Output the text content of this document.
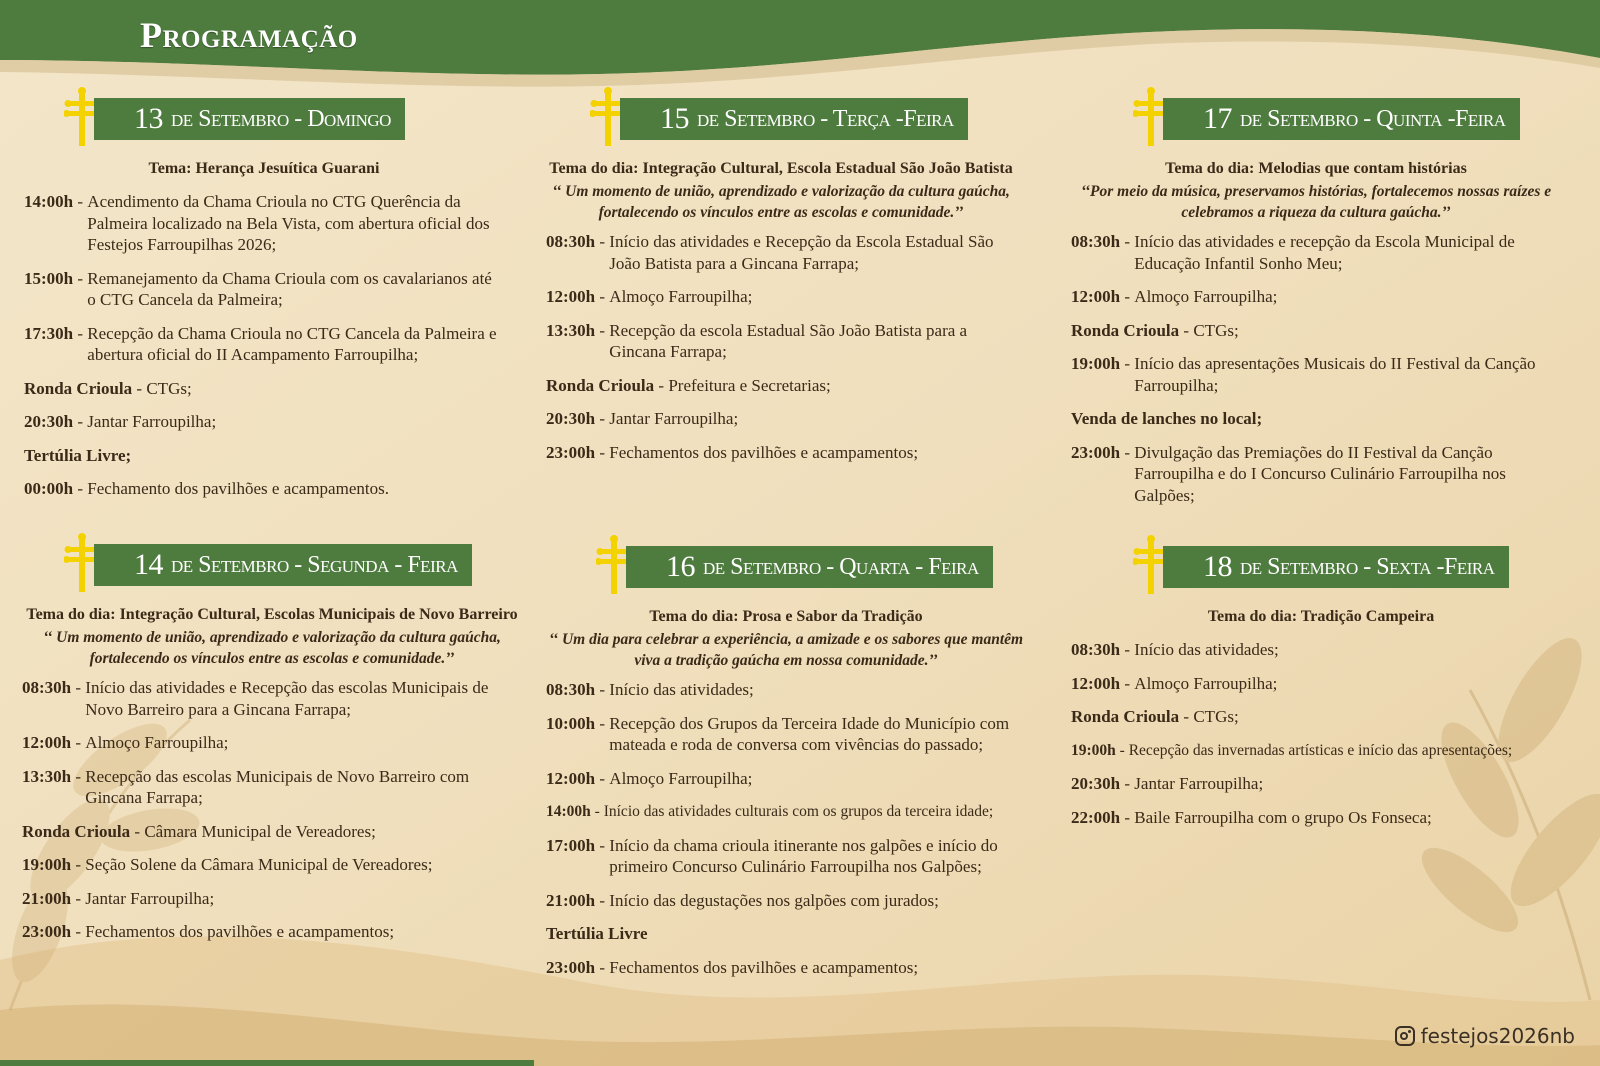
Programação
13 de Setembro - Domingo
Tema: Herança Jesuítica Guarani
14:00h - Acendimento da Chama Crioula no CTG Querência da Palmeira localizado na Bela Vista, com abertura oficial dos Festejos Farroupilhas 2026;
15:00h - Remanejamento da Chama Crioula com os cavalarianos até o CTG Cancela da Palmeira;
17:30h - Recepção da Chama Crioula no CTG Cancela da Palmeira e abertura oficial do II Acampamento Farroupilha;
Ronda Crioula - CTGs;
20:30h - Jantar Farroupilha;
Tertúlia Livre;
00:00h - Fechamento dos pavilhões e acampamentos.
14 de Setembro - Segunda - Feira
Tema do dia: Integração Cultural, Escolas Municipais de Novo Barreiro
‘‘ Um momento de união, aprendizado e valorização da cultura gaúcha, fortalecendo os vínculos entre as escolas e comunidade.’’
08:30h - Início das atividades e Recepção das escolas Municipais de Novo Barreiro para a Gincana Farrapa;
12:00h - Almoço Farroupilha;
13:30h - Recepção das escolas Municipais de Novo Barreiro com Gincana Farrapa;
Ronda Crioula - Câmara Municipal de Vereadores;
19:00h - Seção Solene da Câmara Municipal de Vereadores;
21:00h - Jantar Farroupilha;
23:00h - Fechamentos dos pavilhões e acampamentos;
15 de Setembro - Terça -Feira
Tema do dia: Integração Cultural, Escola Estadual São João Batista
‘‘ Um momento de união, aprendizado e valorização da cultura gaúcha, fortalecendo os vínculos entre as escolas e comunidade.’’
08:30h - Início das atividades e Recepção da Escola Estadual São João Batista para a Gincana Farrapa;
12:00h - Almoço Farroupilha;
13:30h - Recepção da escola Estadual São João Batista para a Gincana Farrapa;
Ronda Crioula - Prefeitura e Secretarias;
20:30h - Jantar Farroupilha;
23:00h - Fechamentos dos pavilhões e acampamentos;
16 de Setembro - Quarta - Feira
Tema do dia: Prosa e Sabor da Tradição
‘‘ Um dia para celebrar a experiência, a amizade e os sabores que mantêm viva a tradição gaúcha em nossa comunidade.’’
08:30h - Início das atividades;
10:00h - Recepção dos Grupos da Terceira Idade do Município com mateada e roda de conversa com vivências do passado;
12:00h - Almoço Farroupilha;
14:00h - Início das atividades culturais com os grupos da terceira idade;
17:00h - Início da chama crioula itinerante nos galpões e início do primeiro Concurso Culinário Farroupilha nos Galpões;
21:00h - Início das degustações nos galpões com jurados;
Tertúlia Livre
23:00h - Fechamentos dos pavilhões e acampamentos;
17 de Setembro - Quinta -Feira
Tema do dia: Melodias que contam histórias
‘‘Por meio da música, preservamos histórias, fortalecemos nossas raízes e celebramos a riqueza da cultura gaúcha.’’
08:30h - Início das atividades e recepção da Escola Municipal de Educação Infantil Sonho Meu;
12:00h - Almoço Farroupilha;
Ronda Crioula - CTGs;
19:00h - Início das apresentações Musicais do II Festival da Canção Farroupilha;
Venda de lanches no local;
23:00h - Divulgação das Premiações do II Festival da Canção Farroupilha e do I Concurso Culinário Farroupilha nos Galpões;
18 de Setembro - Sexta -Feira
Tema do dia: Tradição Campeira
08:30h - Início das atividades;
12:00h - Almoço Farroupilha;
Ronda Crioula - CTGs;
19:00h - Recepção das invernadas artísticas e início das apresentações;
20:30h - Jantar Farroupilha;
22:00h - Baile Farroupilha com o grupo Os Fonseca;
festejos2026nb
